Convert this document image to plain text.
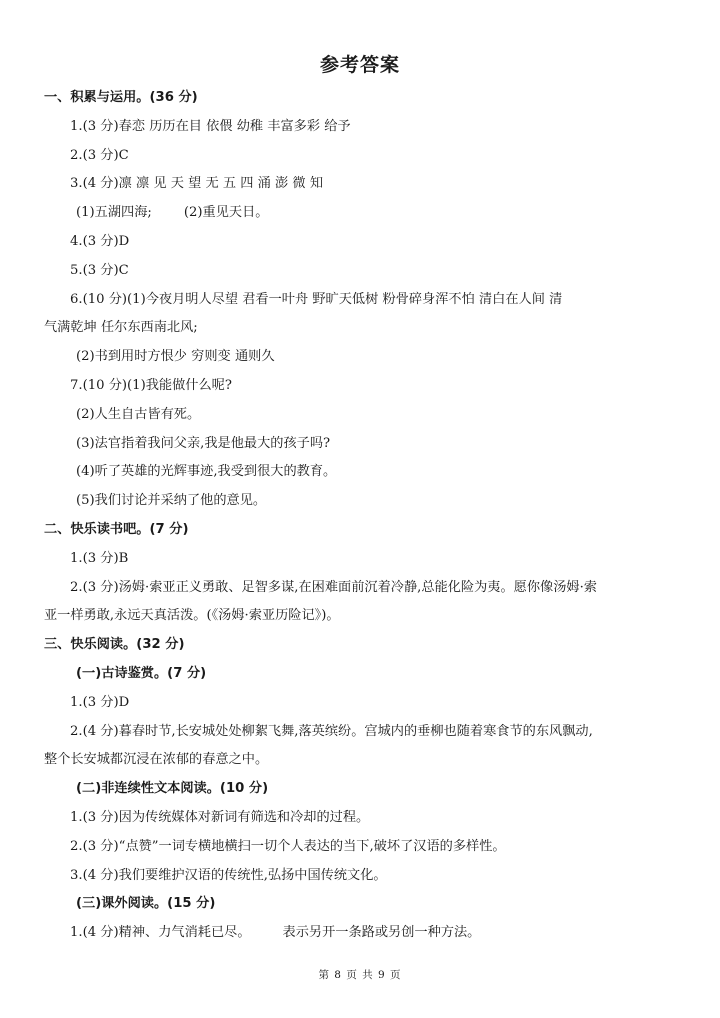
参考答案
一、积累与运用。(36 分)
1.(3 分)春恋 历历在目 依偎 幼稚 丰富多彩 给予
2.(3 分)C
3.(4 分)凛 凛 见 天 望 无 五 四 涌 澎 微 知
(1)五湖四海; (2)重见天日。
4.(3 分)D
5.(3 分)C
6.(10 分)(1)今夜月明人尽望 君看一叶舟 野旷天低树 粉骨碎身浑不怕 清白在人间 清
气满乾坤 任尔东西南北风;
(2)书到用时方恨少 穷则变 通则久
7.(10 分)(1)我能做什么呢?
(2)人生自古皆有死。
(3)法官指着我问父亲,我是他最大的孩子吗?
(4)听了英雄的光辉事迹,我受到很大的教育。
(5)我们讨论并采纳了他的意见。
二、快乐读书吧。(7 分)
1.(3 分)B
2.(3 分)汤姆·索亚正义勇敢、足智多谋,在困难面前沉着冷静,总能化险为夷。愿你像汤姆·索
亚一样勇敢,永远天真活泼。(《汤姆·索亚历险记》)。
三、快乐阅读。(32 分)
(一)古诗鉴赏。(7 分)
1.(3 分)D
2.(4 分)暮春时节,长安城处处柳絮飞舞,落英缤纷。宫城内的垂柳也随着寒食节的东风飘动,
整个长安城都沉浸在浓郁的春意之中。
(二)非连续性文本阅读。(10 分)
1.(3 分)因为传统媒体对新词有筛选和冷却的过程。
2.(3 分)“点赞”一词专横地横扫一切个人表达的当下,破坏了汉语的多样性。
3.(4 分)我们要维护汉语的传统性,弘扬中国传统文化。
(三)课外阅读。(15 分)
1.(4 分)精神、力气消耗已尽。 表示另开一条路或另创一种方法。
第 8 页 共 9 页
